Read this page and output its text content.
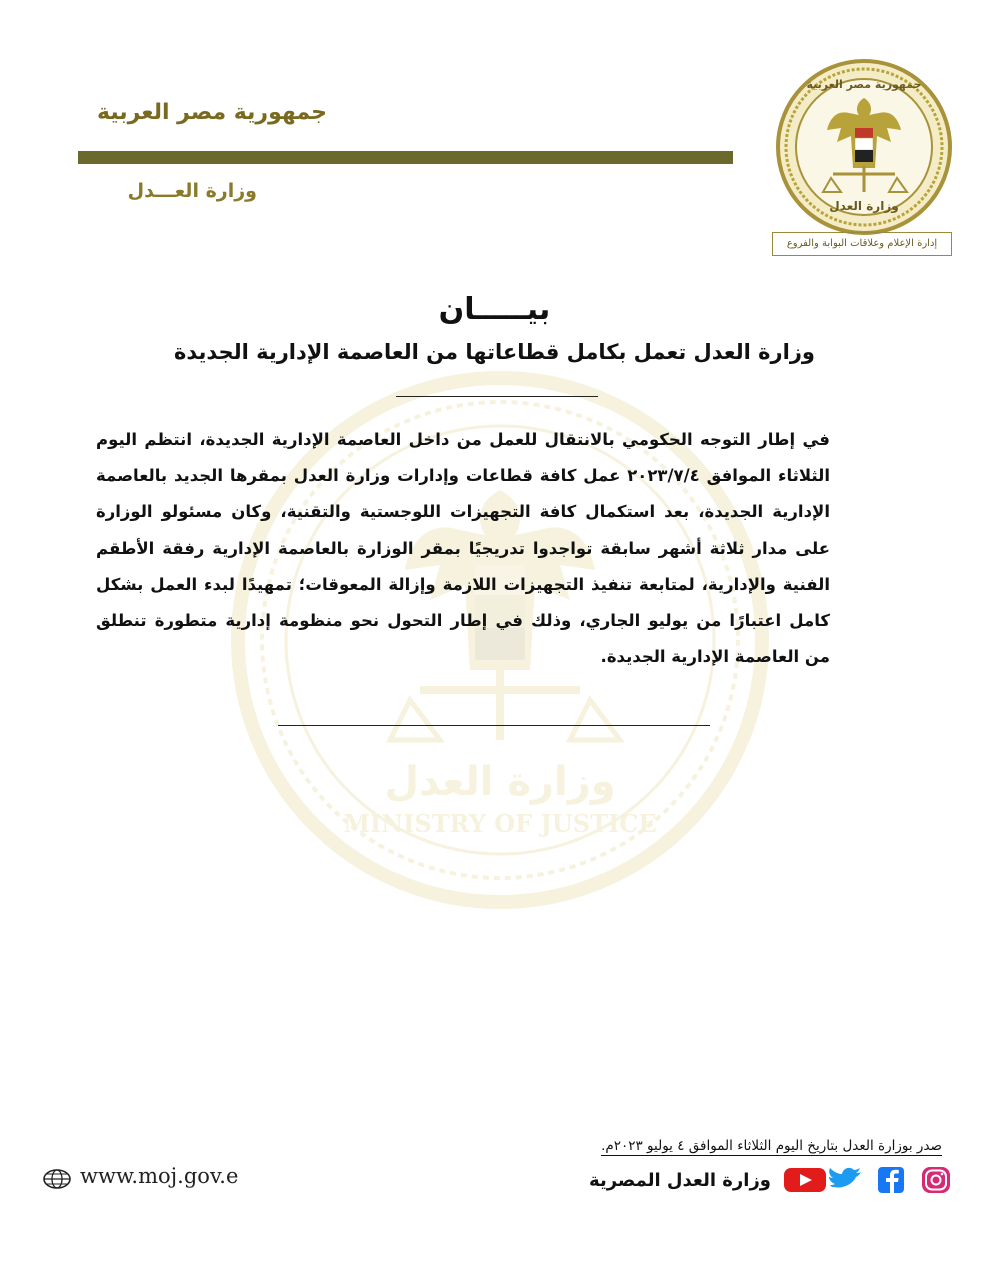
وزارة العدل
MINISTRY OF JUSTICE
جمهورية مصر العربية
وزارة العـــدل
جمهورية مصر العربية
وزارة العدل
إدارة الإعلام وعلاقات البوابة والفروع
بيـــــان
وزارة العدل تعمل بكامل قطاعاتها من العاصمة الإدارية الجديدة
في إطار التوجه الحكومي بالانتقال للعمل من داخل العاصمة الإدارية الجديدة، انتظم اليوم الثلاثاء الموافق ٢٠٢٣/٧/٤ عمل كافة قطاعات وإدارات وزارة العدل بمقرها الجديد بالعاصمة الإدارية الجديدة، بعد استكمال كافة التجهيزات اللوجستية والتقنية، وكان مسئولو الوزارة على مدار ثلاثة أشهر سابقة تواجدوا تدريجيًا بمقر الوزارة بالعاصمة الإدارية رفقة الأطقم الفنية والإدارية، لمتابعة تنفيذ التجهيزات اللازمة وإزالة المعوقات؛ تمهيدًا لبدء العمل بشكل كامل اعتبارًا من يوليو الجاري، وذلك في إطار التحول نحو منظومة إدارية متطورة تنطلق من العاصمة الإدارية الجديدة.
صدر بوزارة العدل بتاريخ اليوم الثلاثاء الموافق ٤ يوليو ٢٠٢٣م.
www.moj.gov.e	وزارة العدل المصرية
